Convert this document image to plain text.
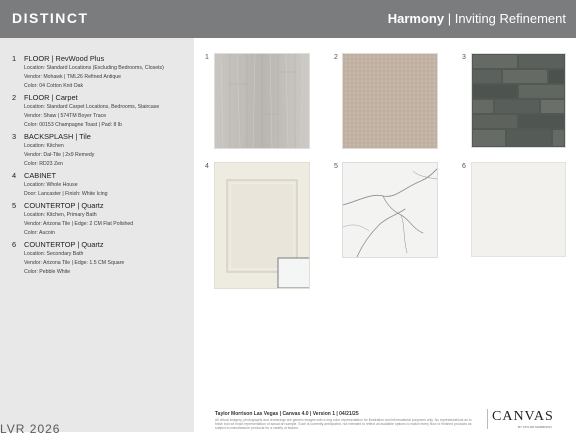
DISTINCT	Harmony | Inviting Refinement
1 FLOOR | RevWood Plus
Location: Standard Locations (Excluding Bedrooms, Closets)
Vendor: Mohawk | TML26 Refined Antique
Color: 04 Cotton Knit Oak
2 FLOOR | Carpet
Location: Standard Carpet Locations, Bedrooms, Staircase
Vendor: Shaw | 574TM Boyer Trace
Color: 00153 Champagne Toast | Pad: 8 lb
3 BACKSPLASH | Tile
Location: Kitchen
Vendor: Dal-Tile | 2x9 Remedy
Color: RD23 Zen
4 CABINET
Location: Whole House
Door: Lancaster | Finish: White Icing
5 COUNTERTOP | Quartz
Location: Kitchen, Primary Bath
Vendor: Arizona Tile | Edge: 2 CM Flat Polished
Color: Aucoin
6 COUNTERTOP | Quartz
Location: Secondary Bath
Vendor: Arizona Tile | Edge: 1.5 CM Square
Color: Pebble White
LVR 2026
1	2	3
4	5	6
Taylor Morrison Las Vegas | Canvas 4.0 | Version 1 | 04/21/25
All virtual imagery, photographs and renderings are generic images with a ring color representation for illustration and informational purposes only. No representations as to finish but not exact representation of actual art sample. Such is currently anticipated, not intended to reflect all available options to match every floor or finished products as subject to manufacturer products for a variety of factors.
CANVAS
BY TAYLOR MORRISON
